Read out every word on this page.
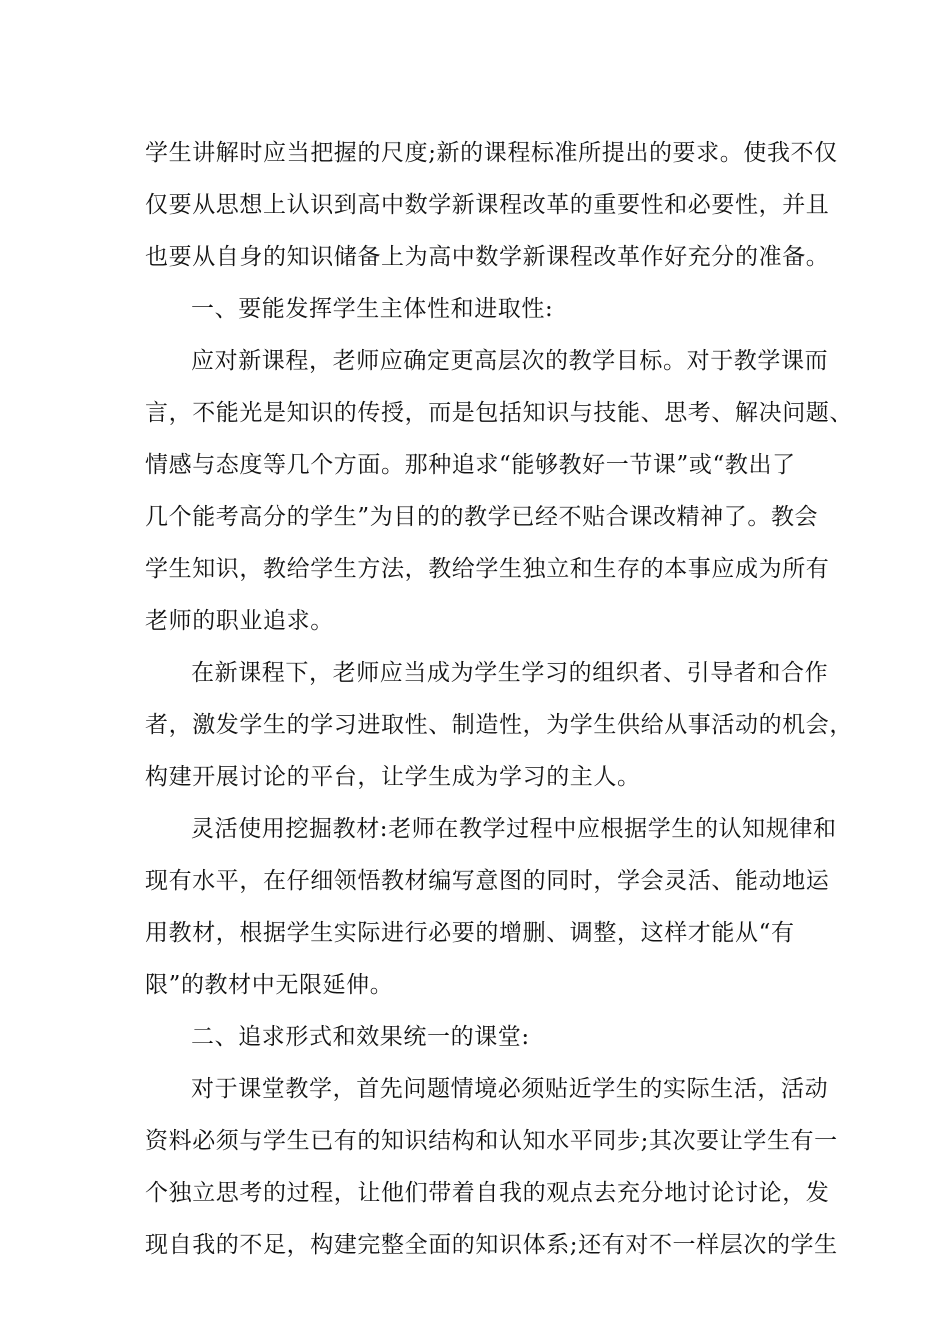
学生讲解时应当把握的尺度;新的课程标准所提出的要求。使我不仅
仅要从思想上认识到高中数学新课程改革的重要性和必要性，并且
也要从自身的知识储备上为高中数学新课程改革作好充分的准备。
一、要能发挥学生主体性和进取性:
应对新课程，老师应确定更高层次的教学目标。对于教学课而
言，不能光是知识的传授，而是包括知识与技能、思考、解决问题、
情感与态度等几个方面。那种追求“能够教好一节课”或“教出了
几个能考高分的学生”为目的的教学已经不贴合课改精神了。教会
学生知识，教给学生方法，教给学生独立和生存的本事应成为所有
老师的职业追求。
在新课程下，老师应当成为学生学习的组织者、引导者和合作
者，激发学生的学习进取性、制造性，为学生供给从事活动的机会，
构建开展讨论的平台，让学生成为学习的主人。
灵活使用挖掘教材:老师在教学过程中应根据学生的认知规律和
现有水平，在仔细领悟教材编写意图的同时，学会灵活、能动地运
用教材，根据学生实际进行必要的增删、调整，这样才能从“有
限”的教材中无限延伸。
二、追求形式和效果统一的课堂:
对于课堂教学，首先问题情境必须贴近学生的实际生活，活动
资料必须与学生已有的知识结构和认知水平同步;其次要让学生有一
个独立思考的过程，让他们带着自我的观点去充分地讨论讨论，发
现自我的不足，构建完整全面的知识体系;还有对不一样层次的学生
